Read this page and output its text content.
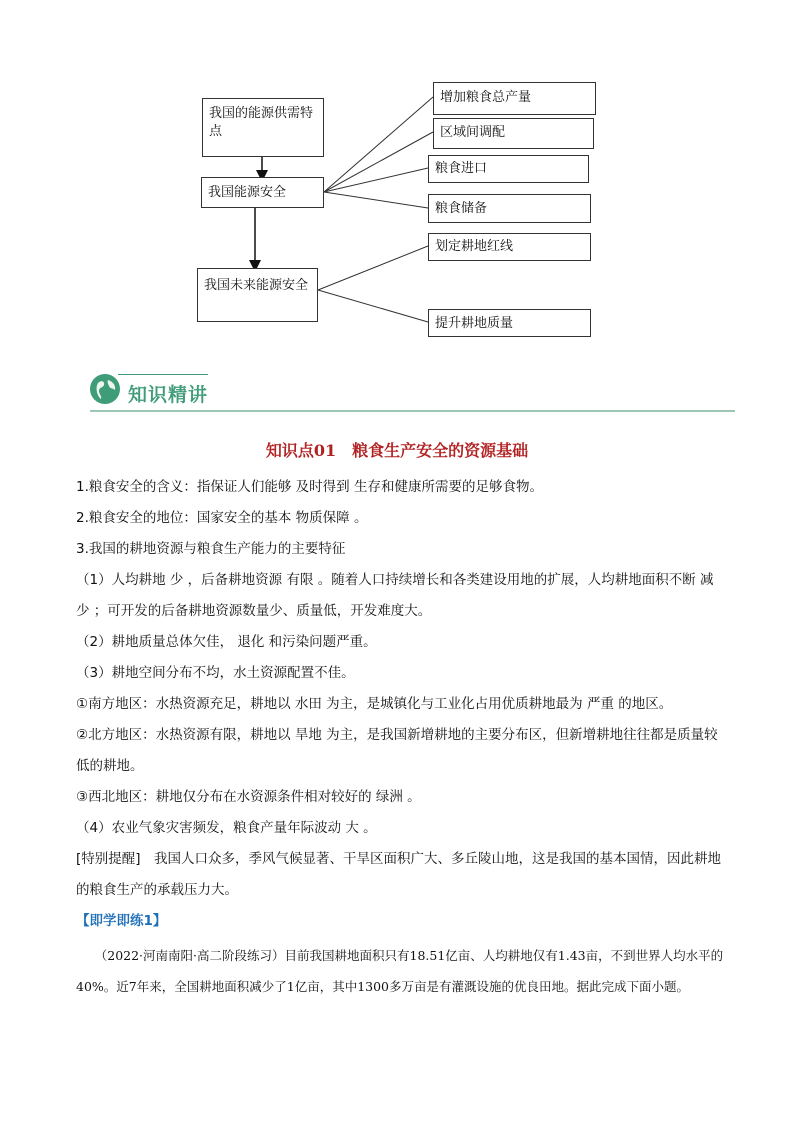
我国的能源供需特点
我国能源安全
我国未来能源安全
增加粮食总产量
区域间调配
粮食进口
粮食储备
划定耕地红线
提升耕地质量
知识精讲
知识点01　粮食生产安全的资源基础

1.粮食安全的含义：指保证人们能够 及时得到 生存和健康所需要的足够食物。

2.粮食安全的地位：国家安全的基本 物质保障 。

3.我国的耕地资源与粮食生产能力的主要特征

（1）人均耕地 少 ，后备耕地资源 有限 。随着人口持续增长和各类建设用地的扩展，人均耕地面积不断 减少 ；可开发的后备耕地资源数量少、质量低，开发难度大。

（2）耕地质量总体欠佳， 退化 和污染问题严重。

（3）耕地空间分布不均，水土资源配置不佳。

①南方地区：水热资源充足，耕地以 水田 为主，是城镇化与工业化占用优质耕地最为 严重 的地区。

②北方地区：水热资源有限，耕地以 旱地 为主，是我国新增耕地的主要分布区，但新增耕地往往都是质量较低的耕地。

③西北地区：耕地仅分布在水资源条件相对较好的 绿洲 。

（4）农业气象灾害频发，粮食产量年际波动 大 。

[特别提醒]　我国人口众多，季风气候显著、干旱区面积广大、多丘陵山地，这是我国的基本国情，因此耕地的粮食生产的承载压力大。

【即学即练1】
　　（2022·河南南阳·高二阶段练习）目前我国耕地面积只有18.51亿亩、人均耕地仅有1.43亩，不到世界人均水平的40%。近7年来，全国耕地面积减少了1亿亩，其中1300多万亩是有灌溉设施的优良田地。据此完成下面小题。
